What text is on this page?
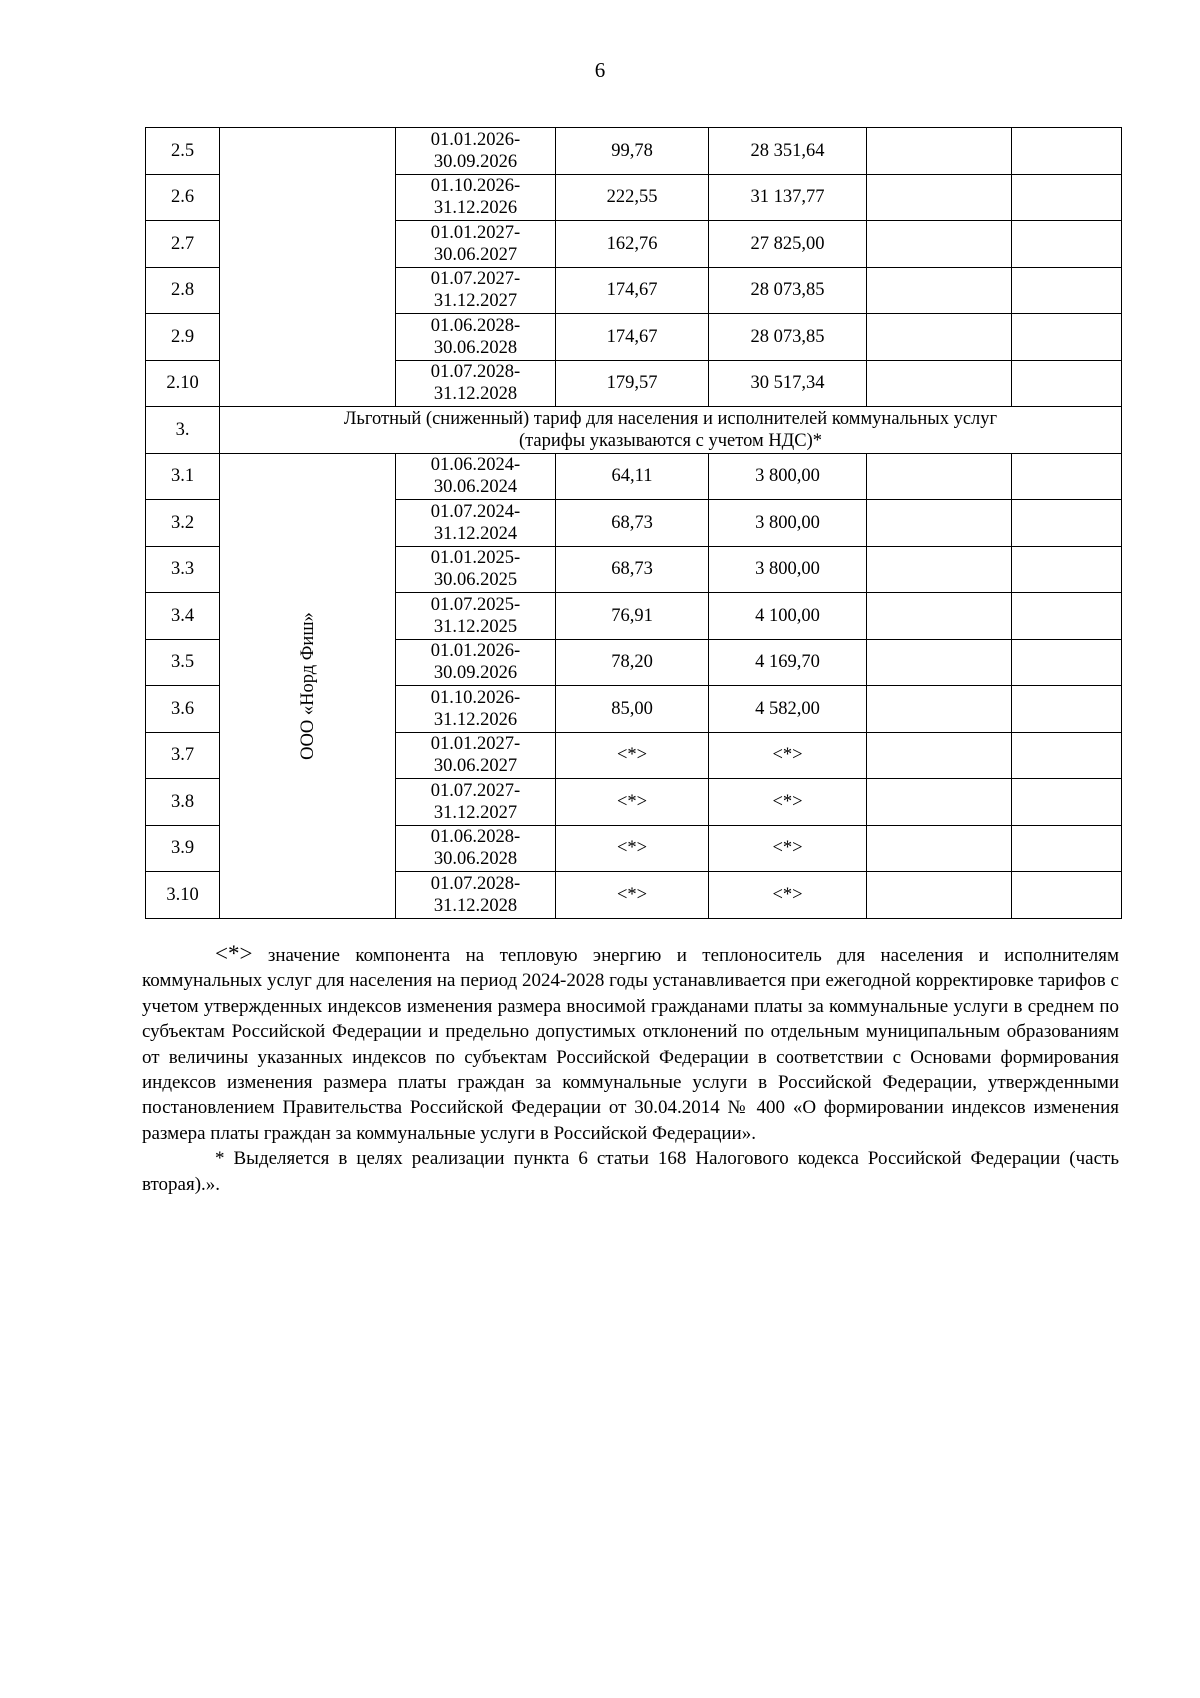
6
2.5		01.01.2026-
30.09.2026	99,78	28 351,64		
2.6		01.10.2026-
31.12.2026	222,55	31 137,77		
2.7		01.01.2027-
30.06.2027	162,76	27 825,00		
2.8		01.07.2027-
31.12.2027	174,67	28 073,85		
2.9		01.06.2028-
30.06.2028	174,67	28 073,85		
2.10		01.07.2028-
31.12.2028	179,57	30 517,34		
3.	Льготный (сниженный) тариф для населения и исполнителей коммунальных услуг
(тарифы указываются с учетом НДС)*					
3.1	ООО «Норд Фиш»	01.06.2024-
30.06.2024	64,11	3 800,00		
3.2		01.07.2024-
31.12.2024	68,73	3 800,00		
3.3		01.01.2025-
30.06.2025	68,73	3 800,00		
3.4		01.07.2025-
31.12.2025	76,91	4 100,00		
3.5		01.01.2026-
30.09.2026	78,20	4 169,70		
3.6		01.10.2026-
31.12.2026	85,00	4 582,00		
3.7		01.01.2027-
30.06.2027	<*>	<*>		
3.8		01.07.2027-
31.12.2027	<*>	<*>		
3.9		01.06.2028-
30.06.2028	<*>	<*>		
3.10		01.07.2028-
31.12.2028	<*>	<*>		

<*> значение компонента на тепловую энергию и теплоноситель для населения и исполнителям коммунальных услуг для населения на период 2024-2028 годы устанавливается при ежегодной корректировке тарифов с учетом утвержденных индексов изменения размера вносимой гражданами платы за коммунальные услуги в среднем по субъектам Российской Федерации и предельно допустимых отклонений по отдельным муниципальным образованиям от величины указанных индексов по субъектам Российской Федерации в соответствии с Основами формирования индексов изменения размера платы граждан за коммунальные услуги в Российской Федерации, утвержденными постановлением Правительства Российской Федерации от 30.04.2014 № 400 «О формировании индексов изменения размера платы граждан за коммунальные услуги в Российской Федерации».

* Выделяется в целях реализации пункта 6 статьи 168 Налогового кодекса Российской Федерации (часть вторая).».
